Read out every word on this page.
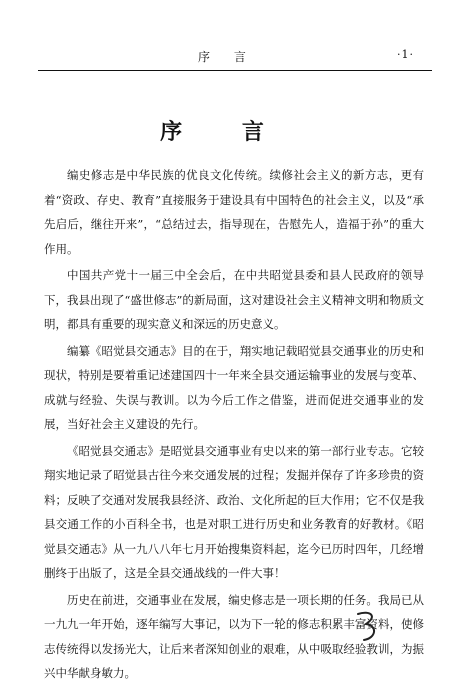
序 言	·1·
序 言

编史修志是中华民族的优良文化传统。续修社会主义的新方志，更有着“资政、存史、教育”直接服务于建设具有中国特色的社会主义，以及“承先启后，继往开来”，“总结过去，指导现在，告慰先人，造福于孙”的重大作用。

中国共产党十一届三中全会后，在中共昭觉县委和县人民政府的领导下，我县出现了“盛世修志”的新局面，这对建设社会主义精神文明和物质文明，都具有重要的现实意义和深远的历史意义。

编纂《昭觉县交通志》目的在于，翔实地记载昭觉县交通事业的历史和现状，特别是要着重记述建国四十一年来全县交通运输事业的发展与变革、成就与经验、失误与教训。以为今后工作之借鉴，进而促进交通事业的发展，当好社会主义建设的先行。

《昭觉县交通志》是昭觉县交通事业有史以来的第一部行业专志。它较翔实地记录了昭觉县古往今来交通发展的过程；发掘并保存了许多珍贵的资料；反映了交通对发展我县经济、政治、文化所起的巨大作用；它不仅是我县交通工作的小百科全书，也是对职工进行历史和业务教育的好教材。《昭觉县交通志》从一九八八年七月开始搜集资料起，迄今已历时四年，几经增删终于出版了，这是全县交通战线的一件大事！

历史在前进，交通事业在发展，编史修志是一项长期的任务。我局已从一九九一年开始，逐年编写大事记，以为下一轮的修志积累丰富资料，使修志传统得以发扬光大，让后来者深知创业的艰难，从中吸取经验教训，为振兴中华献身敏力。
